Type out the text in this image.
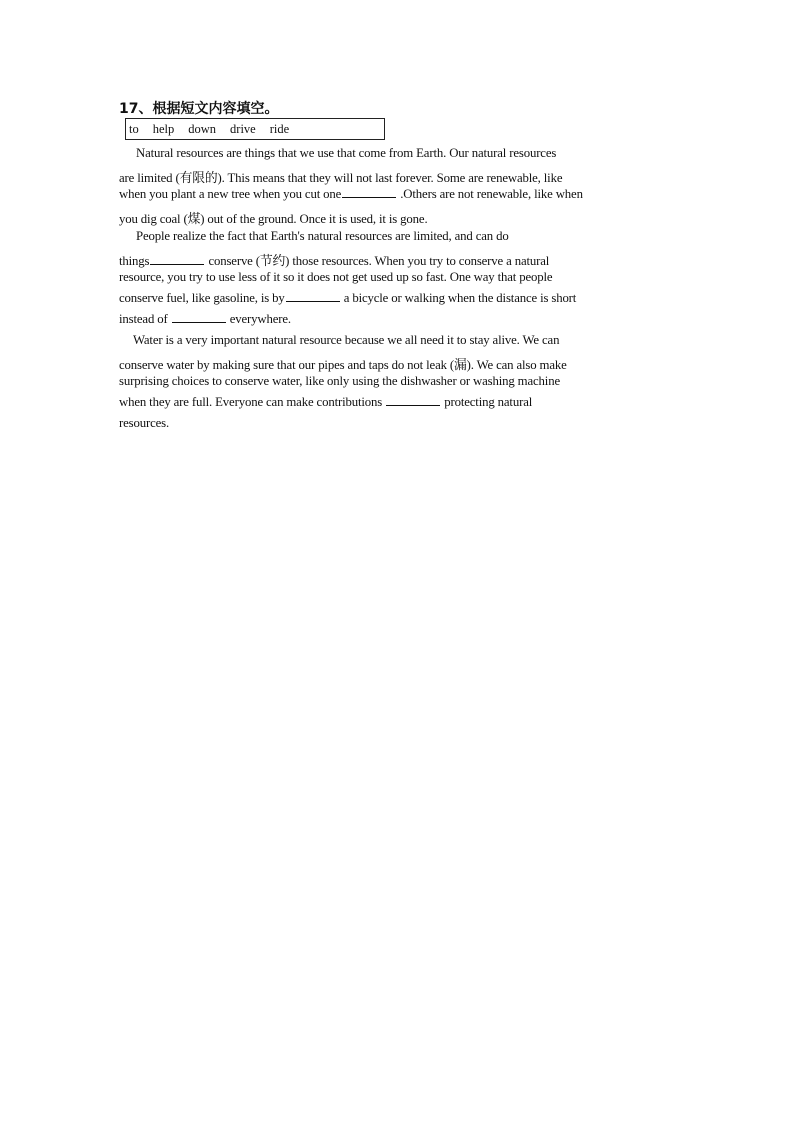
17、根据短文内容填空。
to help down drive ride
Natural resources are things that we use that come from Earth. Our natural resources
are limited (有限的). This means that they will not last forever. Some are renewable, like
when you plant a new tree when you cut one	.Others are not renewable, like when
you dig coal (煤) out of the ground. Once it is used, it is gone.
People realize the fact that Earth's natural resources are limited, and can do
things	conserve (节约) those resources. When you try to conserve a natural
resource, you try to use less of it so it does not get used up so fast. One way that people
conserve fuel, like gasoline, is by	a bicycle or walking when the distance is short
instead of	everywhere.
Water is a very important natural resource because we all need it to stay alive. We can
conserve water by making sure that our pipes and taps do not leak (漏). We can also make
surprising choices to conserve water, like only using the dishwasher or washing machine
when they are full. Everyone can make contributions	protecting natural
resources.
